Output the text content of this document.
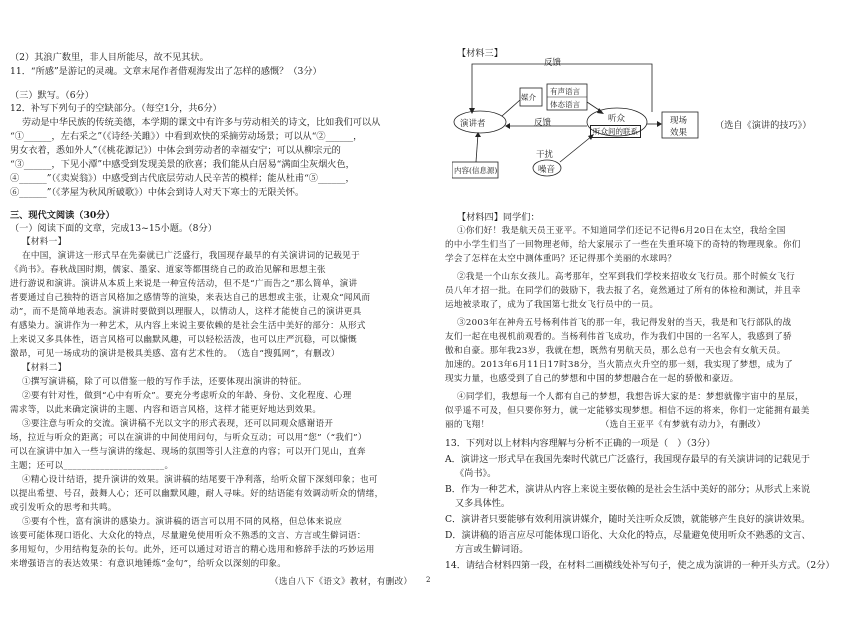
（2）其浪广数里，非人目所能尽，故不见其状。
11．“所感”是游记的灵魂。文章末尾作者借观海发出了怎样的感慨？（3分）
（三）默写。（6分）
12．补写下列句子的空缺部分。（每空1分，共6分）
劳动是中华民族的传统美德，本学期的课文中有许多与劳动相关的诗文，比如我们可以从
“①______，左右采之”（《诗经·关雎》）中看到欢快的采摘劳动场景；可以从“②______，
男女衣着，悉如外人”（《桃花源记》）中体会到劳动者的幸福安宁；可以从柳宗元的
“③______，下见小潭”中感受到发现美景的欣喜；我们能从白居易“满面尘灰烟火色，
④______”（《卖炭翁》）中感受到古代底层劳动人民辛苦的模样；能从杜甫“⑤______，
⑥______”（《茅屋为秋风所破歌》）中体会到诗人对天下寒士的无限关怀。
三、现代文阅读（30分）
（一）阅读下面的文章，完成13~15小题。（8分）
【材料一】
在中国，演讲这一形式早在先秦就已广泛盛行，我国现存最早的有关演讲词的记载见于
《尚书》。春秋战国时期，儒家、墨家、道家等都围绕自己的政治见解和思想主张
进行游说和演讲。演讲从本质上来说是一种宣传活动，但不是“广而告之”那么简单，演讲
者要通过自己独特的语言风格加之感情等的渲染，来表达自己的思想或主张，让观众“闻风而
动”，而不是简单地表态。演讲时要做到以理服人，以情动人，这样才能使自己的演讲更具
有感染力。演讲作为一种艺术，从内容上来说主要依赖的是社会生活中美好的部分：从形式
上来说又多具体性，语言风格可以幽默风趣，可以轻松活泼，也可以庄严沉稳，可以慷慨
激昂，可见一场成功的演讲是极具美感、富有艺术性的。　（选自“搜狐网”，有删改）
【材料二】
①撰写演讲稿，除了可以借鉴一般的写作手法，还要体现出演讲的特征。
②要有针对性，做到“心中有听众”。要充分考虑听众的年龄、身份、文化程度、心理
需求等，以此来确定演讲的主题、内容和语言风格，这样才能更好地达到效果。
③要注意与听众的交流。演讲稿不光以文字的形式表现，还可以同观众感谢语开
场，拉近与听众的距离；可以在演讲的中间使用问句，与听众互动；可以用“您”（“我们”）
可以在演讲中加入一些与演讲的缘起、现场的氛围等引人注意的内容；可以开门见山，直奔
主题；还可以______________________。
④精心设计结语，提升演讲的效果。演讲稿的结尾要干净利落，给听众留下深刻印象；也可
以提出希望、号召，鼓舞人心；还可以幽默风趣，耐人寻味。好的结语能有效调动听众的情绪，
或引发听众的思考和共鸣。
⑤要有个性，富有演讲的感染力。演讲稿的语言可以用不同的风格，但总体来说应
该要可能体现口语化、大众化的特点，尽量避免使用听众不熟悉的文言、方言或生僻词语：
多用短句，少用结构复杂的长句。此外，还可以通过对语言的精心选用和修辞手法的巧妙运用
来增强语言的表达效果：有意识地锤炼“金句”，给听众以深刻的印象。
（选自八下《语文》教材，有删改）
【材料三】
（选自《演讲的技巧》）
【材料四】同学们：
①你们好！我是航天员王亚平。不知道同学们还记不记得6月20日在太空，我给全国
的中小学生们当了一回物理老师，给大家展示了一些在失重环境下的奇特的物理现象。你们
学会了怎样在太空中测体重吗？还记得那个美丽的水球吗？
②我是一个山东女孩儿。高考那年，空军到我们学校来招收女飞行员。那个时候女飞行
员八年才招一批。在同学们的鼓励下，我去报了名，竟然通过了所有的体检和测试，并且幸
运地被录取了，成为了我国第七批女飞行员中的一员。
③2003年在神舟五号杨利伟首飞的那一年，我记得发射的当天，我是和飞行部队的战
友们一起在电视机前观看的。当杨利伟首飞成功，作为我们中国的一名军人，我感到了骄
傲和自豪。那年我23岁，我就在想，既然有男航天员，那么总有一天也会有女航天员。
加速的。2013年6月11日17时38分，当火箭点火升空的那一刻，我实现了梦想，成为了
现实力量，也感受到了自己的梦想和中国的梦想融合在一起的骄傲和豪迈。
④同学们，我想每一个人都有自己的梦想，我想告诉大家的是：梦想就像宇宙中的星辰，
似乎遥不可及，但只要你努力，就一定能够实现梦想。相信不远的将来，你们一定能拥有最美
丽的飞翔！　　　　　　　　　　　　　（选自王亚平《有梦就有动力》，有删改）
13．下列对以上材料内容理解与分析不正确的一项是（　）（3分）
A．演讲这一形式早在我国先秦时代就已广泛盛行，我国现存最早的有关演讲词的记载见于
《尚书》。
B．作为一种艺术，演讲从内容上来说主要依赖的是社会生活中美好的部分；从形式上来说
又多具体性。
C．演讲者只要能够有效利用演讲媒介，随时关注听众反馈，就能够产生良好的演讲效果。
D．演讲稿的语言应尽可能体现口语化、大众化的特点，尽量避免使用听众不熟悉的文言、
方言或生僻词语。
14．请结合材料四第一段，在材料二画横线处补写句子，使之成为演讲的一种开头方式。（2分）
反馈
演讲者
媒介
有声语言
体态语言
反馈	听众
听众间的联系
现场
效果
干扰
噪音
内容(信息源)
2
